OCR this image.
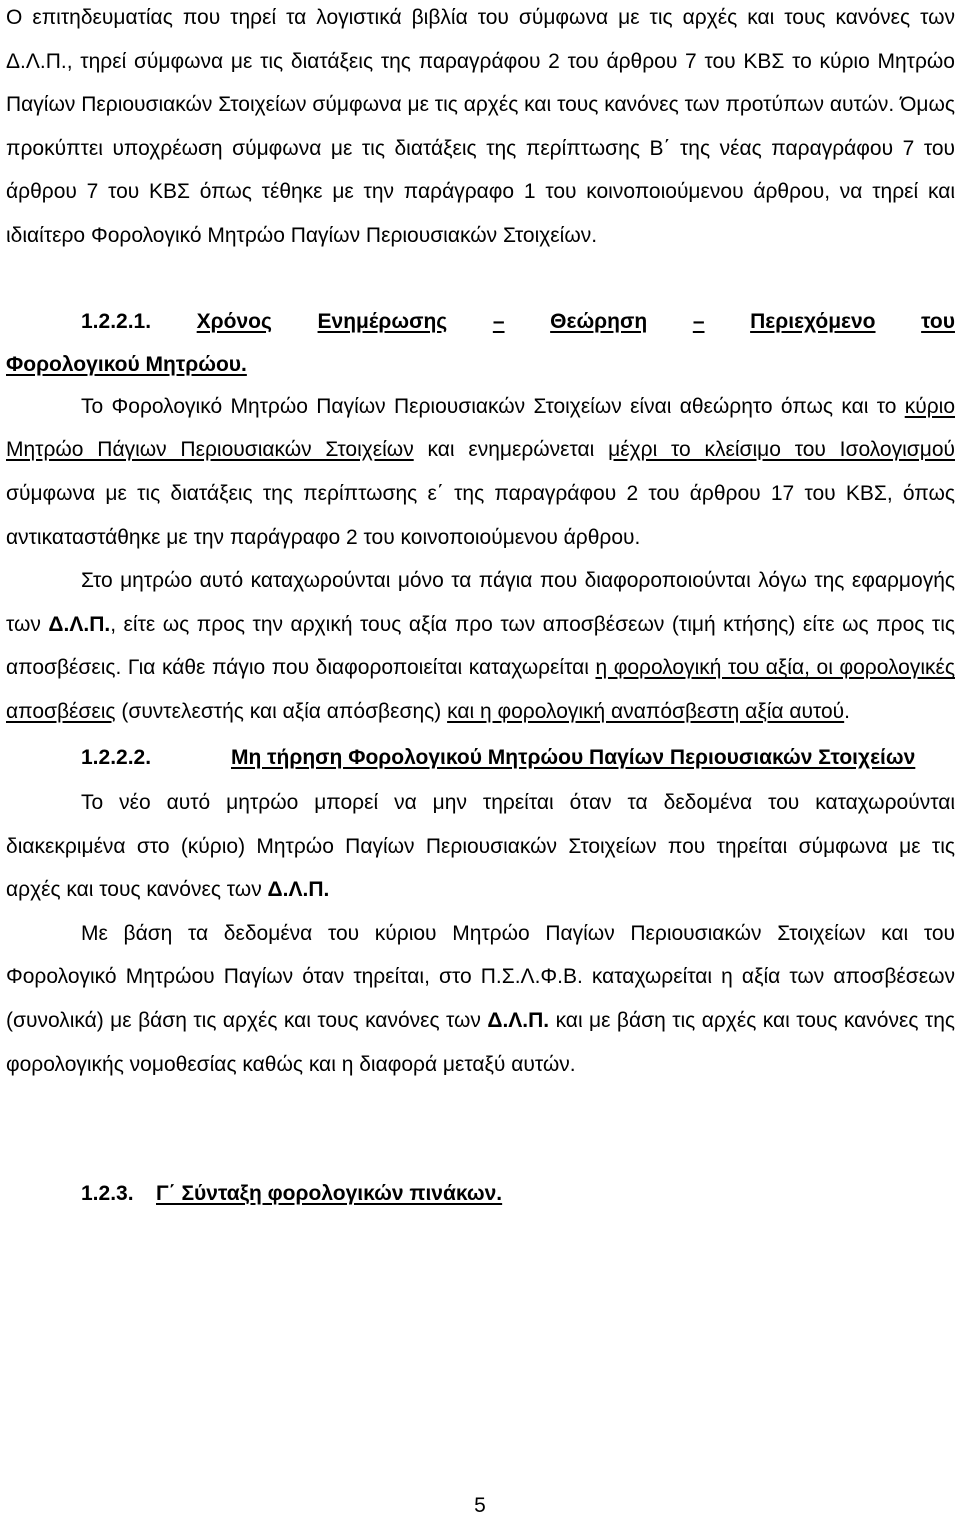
Ο επιτηδευματίας που τηρεί τα λογιστικά βιβλία του σύμφωνα με τις αρχές και τους κανόνες των Δ.Λ.Π., τηρεί σύμφωνα με τις διατάξεις της παραγράφου 2 του άρθρου 7 του ΚΒΣ το κύριο Μητρώο Παγίων Περιουσιακών Στοιχείων σύμφωνα με τις αρχές και τους κανόνες των προτύπων αυτών. Όμως προκύπτει υποχρέωση σύμφωνα με τις διατάξεις της περίπτωσης Β΄ της νέας παραγράφου 7 του άρθρου 7 του ΚΒΣ όπως τέθηκε με την παράγραφο 1 του κοινοποιούμενου άρθρου, να τηρεί και ιδιαίτερο Φορολογικό Μητρώο Παγίων Περιουσιακών Στοιχείων.

1.2.2.1. Χρόνος Ενημέρωσης – Θεώρηση – Περιεχόμενο του

Φορολογικού Μητρώου.

Το Φορολογικό Μητρώο Παγίων Περιουσιακών Στοιχείων είναι αθεώρητο όπως και το κύριο Μητρώο Πάγιων Περιουσιακών Στοιχείων και ενημερώνεται μέχρι το κλείσιμο του Ισολογισμού σύμφωνα με τις διατάξεις της περίπτωσης ε΄ της παραγράφου 2 του άρθρου 17 του ΚΒΣ, όπως αντικαταστάθηκε με την παράγραφο 2 του κοινοποιούμενου άρθρου.

Στο μητρώο αυτό καταχωρούνται μόνο τα πάγια που διαφοροποιούνται λόγω της εφαρμογής των Δ.Λ.Π., είτε ως προς την αρχική τους αξία προ των αποσβέσεων (τιμή κτήσης) είτε ως προς τις αποσβέσεις. Για κάθε πάγιο που διαφοροποιείται καταχωρείται η φορολογική του αξία, οι φορολογικές αποσβέσεις (συντελεστής και αξία απόσβεσης) και η φορολογική αναπόσβεστη αξία αυτού.

1.2.2.2.	Μη τήρηση Φορολογικού Μητρώου Παγίων Περιουσιακών Στοιχείων

Το νέο αυτό μητρώο μπορεί να μην τηρείται όταν τα δεδομένα του καταχωρούνται διακεκριμένα στο (κύριο) Μητρώο Παγίων Περιουσιακών Στοιχείων που τηρείται σύμφωνα με τις αρχές και τους κανόνες των Δ.Λ.Π.

Με βάση τα δεδομένα του κύριου Μητρώο Παγίων Περιουσιακών Στοιχείων και του Φορολογικό Μητρώου Παγίων όταν τηρείται, στο Π.Σ.Λ.Φ.Β. καταχωρείται η αξία των αποσβέσεων (συνολικά) με βάση τις αρχές και τους κανόνες των Δ.Λ.Π. και με βάση τις αρχές και τους κανόνες της φορολογικής νομοθεσίας καθώς και η διαφορά μεταξύ αυτών.

1.2.3. Γ΄ Σύνταξη φορολογικών πινάκων.

5
